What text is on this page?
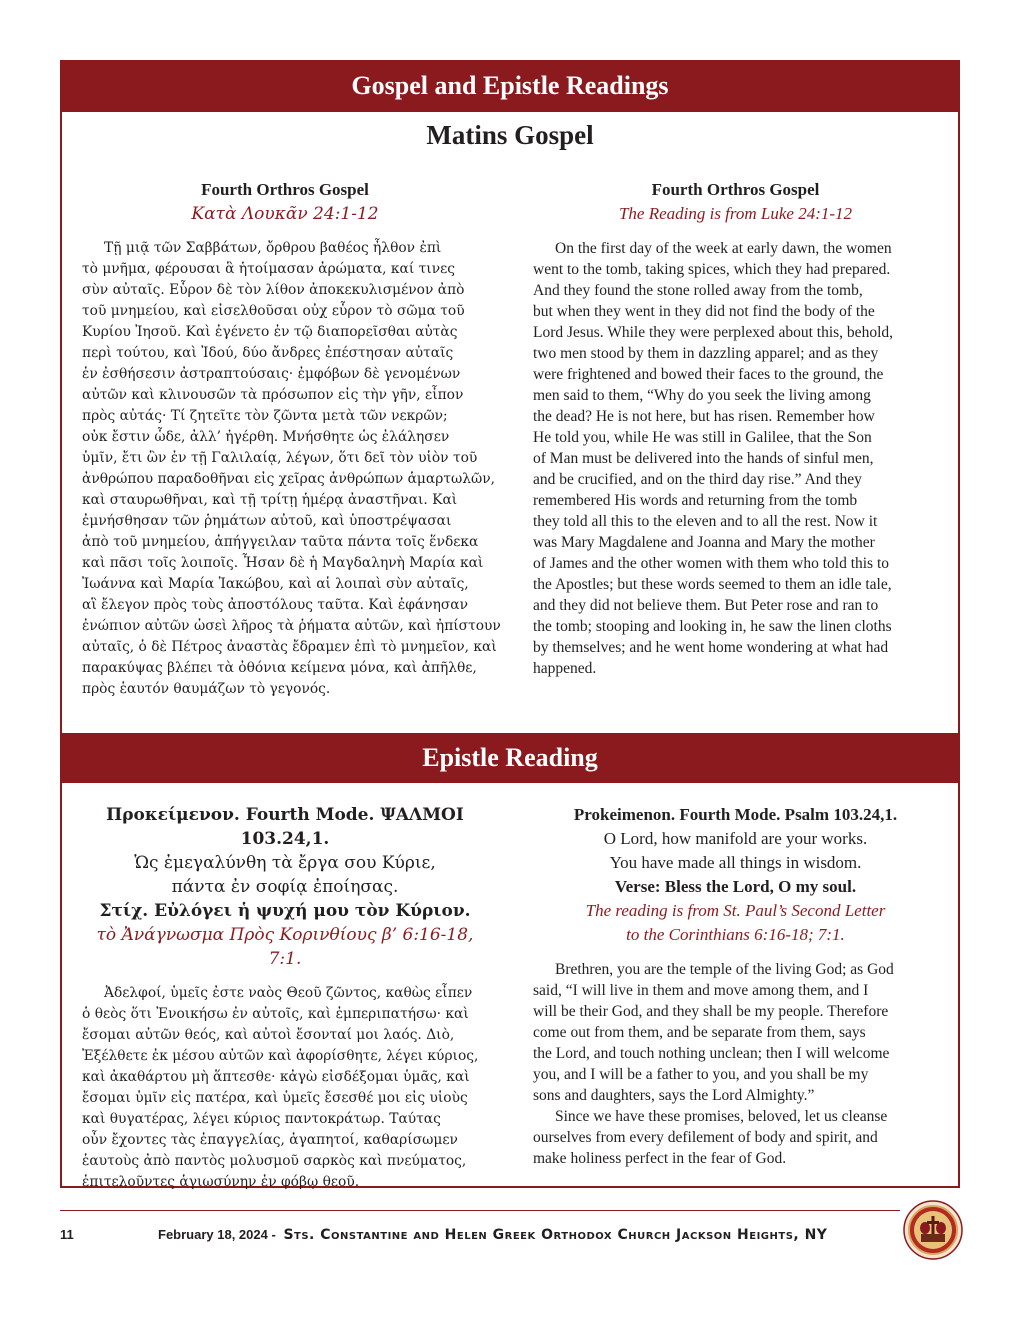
Gospel and Epistle Readings
Matins Gospel
Fourth Orthros Gospel
Κατὰ Λουκᾶν 24:1-12
Τῇ μιᾷ τῶν Σαββάτων, ὄρθρου βαθέος ἦλθον ἐπὶ
τὸ μνῆμα, φέρουσαι ἃ ἡτοίμασαν ἀρώματα, καί τινες
σὺν αὐταῖς. Εὗρον δὲ τὸν λίθον ἀποκεκυλισμένον ἀπὸ
τοῦ μνημείου, καὶ εἰσελθοῦσαι οὐχ εὗρον τὸ σῶμα τοῦ
Κυρίου Ἰησοῦ. Καὶ ἐγένετο ἐν τῷ διαπορεῖσθαι αὐτὰς
περὶ τούτου, καὶ Ἰδού, δύο ἄνδρες ἐπέστησαν αὐταῖς
ἐν ἐσθήσεσιν ἀστραπτούσαις· ἐμφόβων δὲ γενομένων
αὐτῶν καὶ κλινουσῶν τὰ πρόσωπον εἰς τὴν γῆν, εἶπον
πρὸς αὐτάς· Τί ζητεῖτε τὸν ζῶντα μετὰ τῶν νεκρῶν;
οὐκ ἔστιν ὧδε, ἀλλ’ ἠγέρθη. Μνήσθητε ὡς ἐλάλησεν
ὑμῖν, ἔτι ὢν ἐν τῇ Γαλιλαίᾳ, λέγων, ὅτι δεῖ τὸν υἱὸν τοῦ
ἀνθρώπου παραδοθῆναι εἰς χεῖρας ἀνθρώπων ἁμαρτωλῶν,
καὶ σταυρωθῆναι, καὶ τῇ τρίτῃ ἡμέρᾳ ἀναστῆναι. Καὶ
ἐμνήσθησαν τῶν ῥημάτων αὐτοῦ, καὶ ὑποστρέψασαι
ἀπὸ τοῦ μνημείου, ἀπήγγειλαν ταῦτα πάντα τοῖς ἕνδεκα
καὶ πᾶσι τοῖς λοιποῖς. Ἦσαν δὲ ἡ Μαγδαληνὴ Μαρία καὶ
Ἰωάννα καὶ Μαρία Ἰακώβου, καὶ αἱ λοιπαὶ σὺν αὐταῖς,
αἳ ἔλεγον πρὸς τοὺς ἀποστόλους ταῦτα. Καὶ ἐφάνησαν
ἐνώπιον αὐτῶν ὡσεὶ λῆρος τὰ ῥήματα αὐτῶν, καὶ ἠπίστουν
αὐταῖς, ὁ δὲ Πέτρος ἀναστὰς ἔδραμεν ἐπὶ τὸ μνημεῖον, καὶ
παρακύψας βλέπει τὰ ὀθόνια κείμενα μόνα, καὶ ἀπῆλθε,
πρὸς ἑαυτόν θαυμάζων τὸ γεγονός.
Fourth Orthros Gospel
The Reading is from Luke 24:1-12
On the first day of the week at early dawn, the women
went to the tomb, taking spices, which they had prepared.
And they found the stone rolled away from the tomb,
but when they went in they did not find the body of the
Lord Jesus. While they were perplexed about this, behold,
two men stood by them in dazzling apparel; and as they
were frightened and bowed their faces to the ground, the
men said to them, “Why do you seek the living among
the dead? He is not here, but has risen. Remember how
He told you, while He was still in Galilee, that the Son
of Man must be delivered into the hands of sinful men,
and be crucified, and on the third day rise.” And they
remembered His words and returning from the tomb
they told all this to the eleven and to all the rest. Now it
was Mary Magdalene and Joanna and Mary the mother
of James and the other women with them who told this to
the Apostles; but these words seemed to them an idle tale,
and they did not believe them. But Peter rose and ran to
the tomb; stooping and looking in, he saw the linen cloths
by themselves; and he went home wondering at what had
happened.
Epistle Reading
Προκείμενον. Fourth Mode. ΨΑΛΜΟΙ 103.24,1.
Ὡς ἐμεγαλύνθη τὰ ἔργα σου Κύριε,
πάντα ἐν σοφίᾳ ἐποίησας.
Στίχ. Εὐλόγει ἡ ψυχή μου τὸν Κύριον.
τὸ Ἀνάγνωσμα Πρὸς Κορινθίους β’ 6:16-18, 7:1.
Ἀδελφοί, ὑμεῖς ἐστε ναὸς Θεοῦ ζῶντος, καθὼς εἶπεν
ὁ θεὸς ὅτι Ἐνοικήσω ἐν αὐτοῖς, καὶ ἐμπεριπατήσω· καὶ
ἔσομαι αὐτῶν θεός, καὶ αὐτοὶ ἔσονταί μοι λαός. Διὸ,
Ἐξέλθετε ἐκ μέσου αὐτῶν καὶ ἀφορίσθητε, λέγει κύριος,
καὶ ἀκαθάρτου μὴ ἅπτεσθε· κἀγὼ εἰσδέξομαι ὑμᾶς, καὶ
ἔσομαι ὑμῖν εἰς πατέρα, καὶ ὑμεῖς ἔσεσθέ μοι εἰς υἱοὺς
καὶ θυγατέρας, λέγει κύριος παντοκράτωρ. Ταύτας
οὖν ἔχοντες τὰς ἐπαγγελίας, ἀγαπητοί, καθαρίσωμεν
ἑαυτοὺς ἀπὸ παντὸς μολυσμοῦ σαρκὸς καὶ πνεύματος,
ἐπιτελοῦντες ἁγιωσύνην ἐν φόβῳ θεοῦ.
Prokeimenon. Fourth Mode. Psalm 103.24,1.
O Lord, how manifold are your works.
You have made all things in wisdom.
Verse: Bless the Lord, O my soul.
The reading is from St. Paul’s Second Letter
to the Corinthians 6:16-18; 7:1.
Brethren, you are the temple of the living God; as God
said, “I will live in them and move among them, and I
will be their God, and they shall be my people. Therefore
come out from them, and be separate from them, says
the Lord, and touch nothing unclean; then I will welcome
you, and I will be a father to you, and you shall be my
sons and daughters, says the Lord Almighty.”
Since we have these promises, beloved, let us cleanse
ourselves from every defilement of body and spirit, and
make holiness perfect in the fear of God.
11	February 18, 2024 - Sts. Constantine and Helen Greek Orthodox Church Jackson Heights, NY
